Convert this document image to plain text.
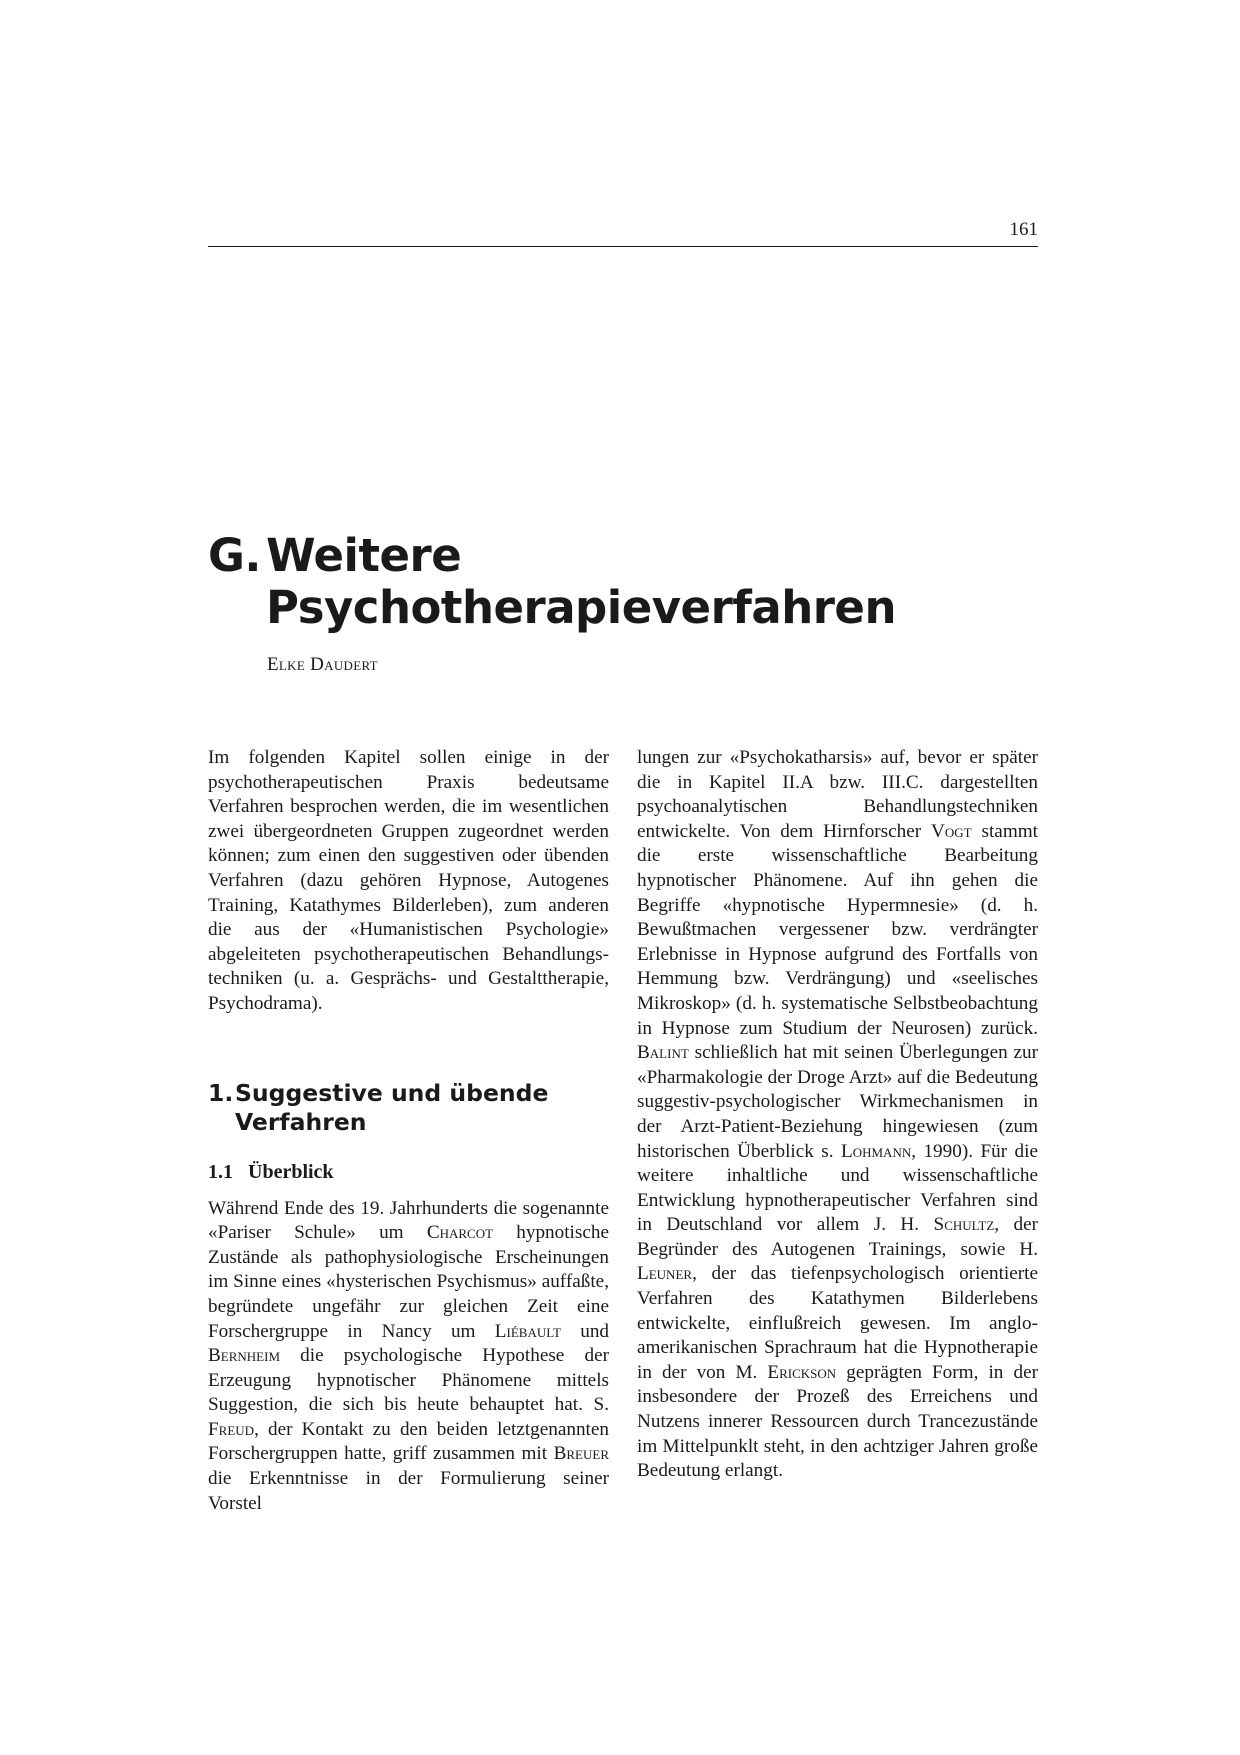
161
G. Weitere
Psychotherapieverfahren
Elke Daudert

Im folgenden Kapitel sollen einige in der psychotherapeutischen Praxis bedeutsame Verfahren besprochen werden, die im wesentlichen zwei übergeordneten Gruppen zugeordnet werden können; zum einen den suggestiven oder übenden Verfahren (dazu gehören Hypnose, Autogenes Training, Katathymes Bilderleben), zum anderen die aus der «Humanistischen Psychologie» abgeleiteten psychotherapeutischen Behandlungstechniken (u. a. Gesprächs- und Gestalttherapie, Psychodrama).

1.Suggestive und übende
Verfahren
1.1 Überblick

Während Ende des 19. Jahrhunderts die sogenannte «Pariser Schule» um Charcot hypnotische Zustände als pathophysiologische Erscheinungen im Sinne eines «hysterischen Psychismus» auffaßte, begründete ungefähr zur gleichen Zeit eine Forschergruppe in Nancy um Liébault und Bernheim die psychologische Hypothese der Erzeugung hypnotischer Phänomene mittels Suggestion, die sich bis heute behauptet hat. S. Freud, der Kontakt zu den beiden letztgenannten Forschergruppen hatte, griff zusammen mit Breuer die Erkenntnisse in der Formulierung seiner Vorstel

lungen zur «Psychokatharsis» auf, bevor er später die in Kapitel II.A bzw. III.C. dargestellten psychoanalytischen Behandlungstechniken entwickelte. Von dem Hirnforscher Vogt stammt die erste wissenschaftliche Bearbeitung hypnotischer Phänomene. Auf ihn gehen die Begriffe «hypnotische Hypermnesie» (d. h. Bewußtmachen vergessener bzw. verdrängter Erlebnisse in Hypnose aufgrund des Fortfalls von Hemmung bzw. Verdrängung) und «seelisches Mikroskop» (d. h. systematische Selbstbeobachtung in Hypnose zum Studium der Neurosen) zurück. Balint schließlich hat mit seinen Überlegungen zur «Pharmakologie der Droge Arzt» auf die Bedeutung suggestiv-psychologischer Wirkmechanismen in der Arzt-Patient-Beziehung hingewiesen (zum historischen Überblick s. Lohmann, 1990). Für die weitere inhaltliche und wissenschaftliche Entwicklung hypnotherapeutischer Verfahren sind in Deutschland vor allem J. H. Schultz, der Begründer des Autogenen Trainings, sowie H. Leuner, der das tiefenpsychologisch orientierte Verfahren des Katathymen Bilderlebens entwickelte, einflußreich gewesen. Im anglo-amerikanischen Sprachraum hat die Hypnotherapie in der von M. Erickson geprägten Form, in der insbesondere der Prozeß des Erreichens und Nutzens innerer Ressourcen durch Trancezustände im Mittelpunklt steht, in den achtziger Jahren große Bedeutung erlangt.
